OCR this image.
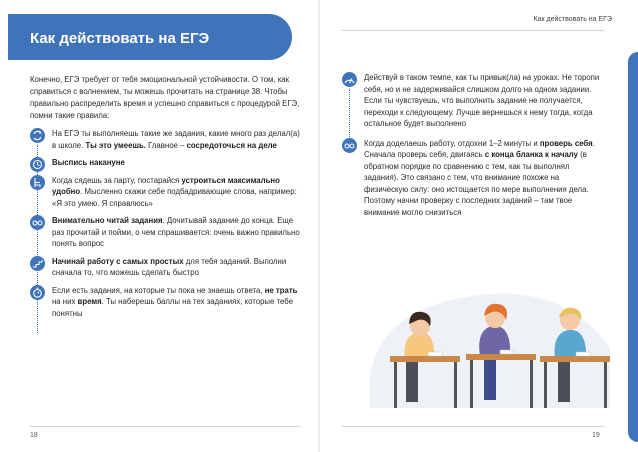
Как действовать на ЕГЭ
Конечно, ЕГЭ требует от тебя эмоциональной устойчивости. О том, как справиться с волнением, ты можешь прочитать на странице 38. Чтобы правильно распределить время и успешно справиться с процедурой ЕГЭ, помни такие правила:
На ЕГЭ ты выполняешь такие же задания, какие много раз делал(а) в школе. Ты это умеешь. Главное – сосредоточься на деле
Выспись накануне
Когда сядешь за парту, постарайся устроиться максимально удобно. Мысленно скажи себе подбадривающие слова, например: «Я это умею. Я справлюсь»
Внимательно читай задания. Дочитывай задание до конца. Еще раз прочитай и пойми, о чем спрашивается: очень важно правильно понять вопрос
Начинай работу с самых простых для тебя заданий. Выполни сначала то, что можешь сделать быстро
Если есть задания, на которые ты пока не знаешь ответа, не трать на них время. Ты наберешь баллы на тех заданиях, которые тебе понятны
18
Как действовать на ЕГЭ
Действуй в таком темпе, как ты привык(ла) на уроках. Не торопи себя, но и не задерживайся слишком долго на одном задании. Если ты чувствуешь, что выполнить задание не получается, переходи к следующему. Лучше вернешься к нему тогда, когда остальное будет выполнено
Когда доделаешь работу, отдохни 1–2 минуты и проверь себя. Сначала проверь себя, двигаясь с конца бланка к началу (в обратном порядке по сравнению с тем, как ты выполнял задания). Это связано с тем, что внимание похоже на физическую силу: оно истощается по мере выполнения дела. Поэтому начни проверку с последних заданий – там твое внимание могло снизиться
19
